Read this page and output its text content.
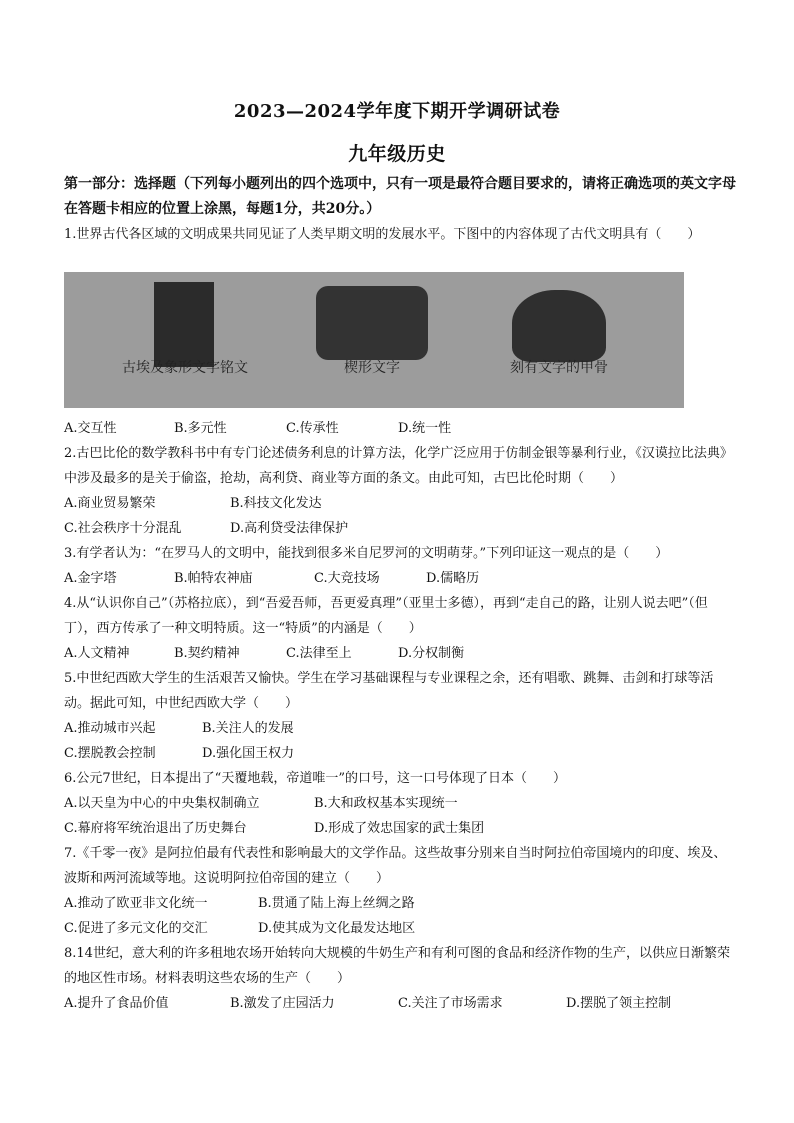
2023—2024学年度下期开学调研试卷
九年级历史
第一部分：选择题（下列每小题列出的四个选项中，只有一项是最符合题目要求的，请将正确选项的英文字母在答题卡相应的位置上涂黑，每题1分，共20分。）
1.世界古代各区域的文明成果共同见证了人类早期文明的发展水平。下图中的内容体现了古代文明具有（　　）
古埃及象形文字铭文	楔形文字	刻有文字的甲骨
A.交互性	B.多元性	C.传承性	D.统一性
2.古巴比伦的数学教科书中有专门论述债务利息的计算方法，化学广泛应用于仿制金银等暴利行业，《汉谟拉比法典》中涉及最多的是关于偷盗，抢劫，高利贷、商业等方面的条文。由此可知，古巴比伦时期（　　）
A.商业贸易繁荣	B.科技文化发达
C.社会秩序十分混乱	D.高利贷受法律保护
3.有学者认为：“在罗马人的文明中，能找到很多米自尼罗河的文明萌芽。”下列印证这一观点的是（　　）
A.金字塔	B.帕特农神庙	C.大竞技场	D.儒略历
4.从“认识你自己”（苏格拉底），到“吾爱吾师，吾更爱真理”（亚里士多德），再到“走自己的路，让别人说去吧”（但丁），西方传承了一种文明特质。这一“特质”的内涵是（　　）
A.人文精神	B.契约精神	C.法律至上	D.分权制衡
5.中世纪西欧大学生的生活艰苦又愉快。学生在学习基础课程与专业课程之余，还有唱歌、跳舞、击剑和打球等活动。据此可知，中世纪西欧大学（　　）
A.推动城市兴起	B.关注人的发展
C.摆脱教会控制	D.强化国王权力
6.公元7世纪，日本提出了“天覆地载，帝道唯一”的口号，这一口号体现了日本（　　）
A.以天皇为中心的中央集权制确立	B.大和政权基本实现统一
C.幕府将军统治退出了历史舞台	D.形成了效忠国家的武士集团
7.《千零一夜》是阿拉伯最有代表性和影响最大的文学作品。这些故事分别来自当时阿拉伯帝国境内的印度、埃及、波斯和两河流域等地。这说明阿拉伯帝国的建立（　　）
A.推动了欧亚非文化统一	B.贯通了陆上海上丝绸之路
C.促进了多元文化的交汇	D.使其成为文化最发达地区
8.14世纪，意大利的许多租地农场开始转向大规模的牛奶生产和有利可图的食品和经济作物的生产，以供应日渐繁荣的地区性市场。材料表明这些农场的生产（　　）
A.提升了食品价值	B.激发了庄园活力	C.关注了市场需求	D.摆脱了领主控制
